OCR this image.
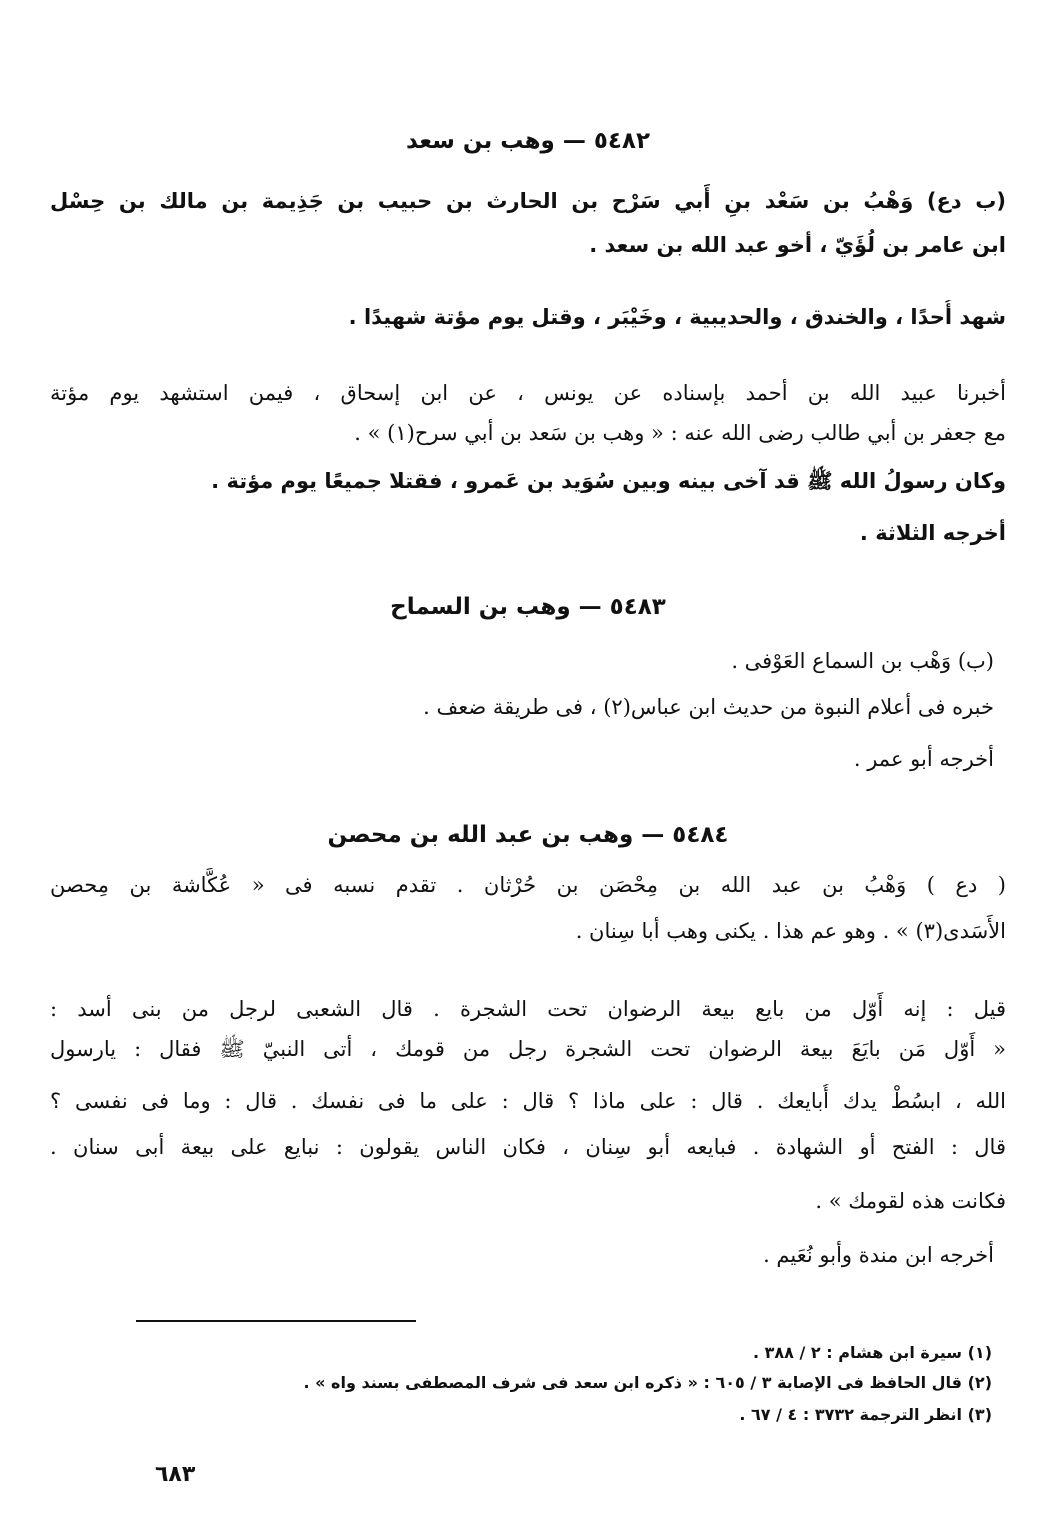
٥٤٨٢ — وهب بن سعد
(ب دع) وَهْبُ بن سَعْد بنِ أَبي سَرْح بن الحارث بن حبيب بن جَذِيمة بن مالك بن حِسْل
ابن عامر بن لُؤَيّ ، أخو عبد الله بن سعد .
شهد أُحدًا ، والخندق ، والحديبية ، وخَيْبَر ، وقتل يوم مؤتة شهيدًا .
أخبرنا عبيد الله بن أحمد بإسناده عن يونس ، عن ابن إسحاق ، فيمن استشهد يوم مؤتة
مع جعفر بن أبي طالب رضى الله عنه : « وهب بن سَعد بن أبي سرح(١) » .
وكان رسولُ الله ﷺ قد آخى بينه وبين سُوَيد بن عَمرو ، فقتلا جميعًا يوم مؤتة .
أخرجه الثلاثة .
٥٤٨٣ — وهب بن السماح
(ب) وَهْب بن السماع العَوْفى .
خبره فى أعلام النبوة من حديث ابن عباس(٢) ، فى طريقة ضعف .
أخرجه أبو عمر .
٥٤٨٤ — وهب بن عبد الله بن محصن
( دع ) وَهْبُ بن عبد الله بن مِحْصَن بن حُرْثان . تقدم نسبه فى « عُكَّاشة بن مِحصن
الأَسَدى(٣) » . وهو عم هذا . يكنى وهب أبا سِنان .
قيل : إنه أَوّل من بايع بيعة الرضوان تحت الشجرة . قال الشعبى لرجل من بنى أسد :
« أَوّل مَن بايَعَ بيعة الرضوان تحت الشجرة رجل من قومك ، أتى النبيّ ﷺ فقال : يارسول
الله ، ابسُطْ يدك أُبايعك . قال : على ماذا ؟ قال : على ما فى نفسك . قال : وما فى نفسى ؟
قال : الفتح أو الشهادة . فبايعه أبو سِنان ، فكان الناس يقولون : نبايع على بيعة أبى سنان .
فكانت هذه لقومك » .
أخرجه ابن مندة وأبو نُعَيم .
(١) سيرة ابن هشام : ٢ / ٣٨٨ .
(٢) قال الحافظ فى الإصابة ٣ / ٦٠٥ : « ذكره ابن سعد فى شرف المصطفى بسند واه » .
(٣) انظر الترجمة ٣٧٣٢ : ٤ / ٦٧ .
٦٨٣
